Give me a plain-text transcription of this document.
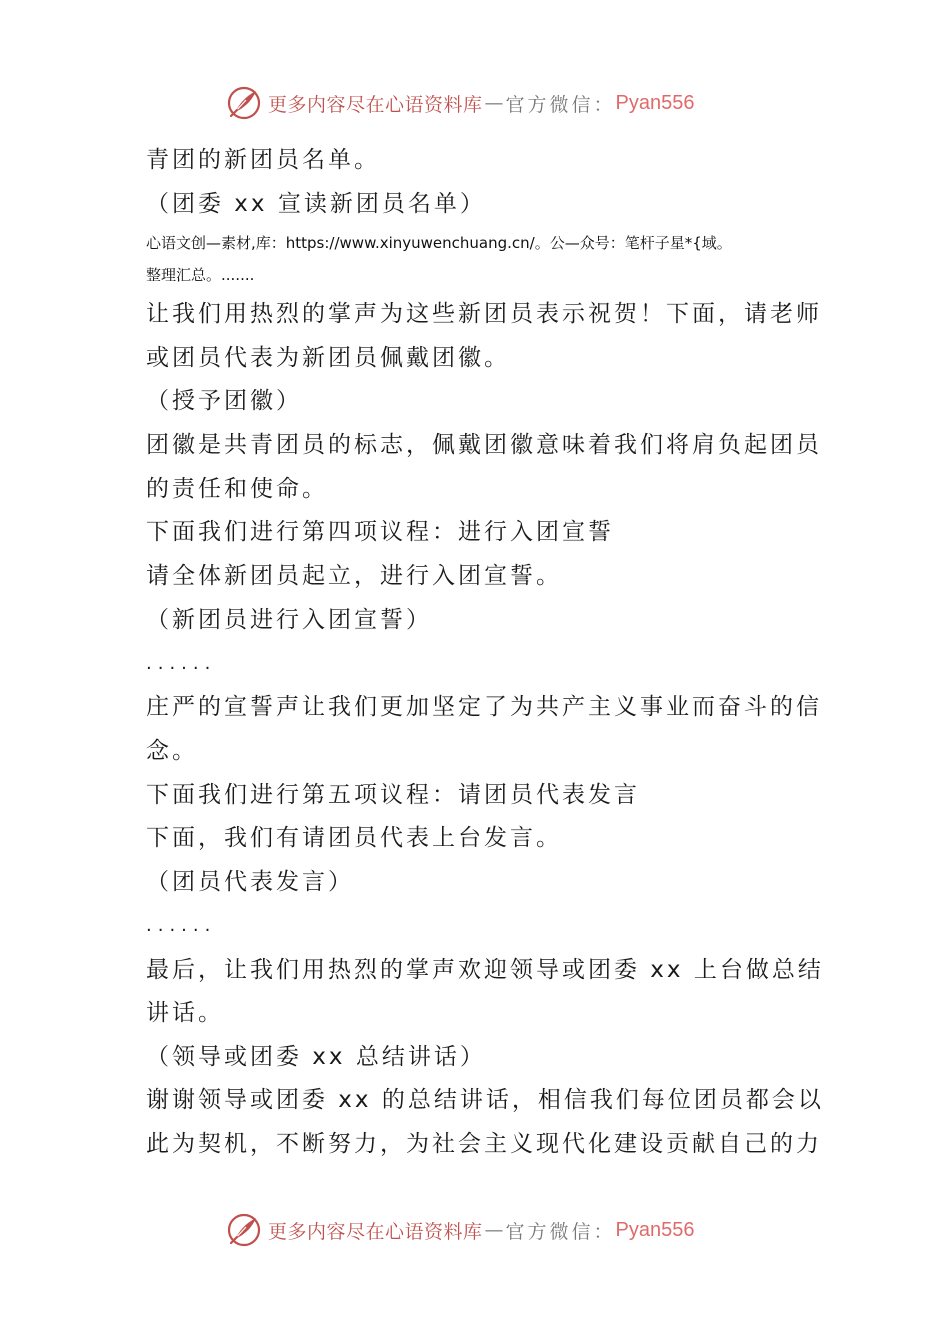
更多内容尽在心语资料库 — 官方微信： Pyan556
青团的新团员名单。
（团委 xx 宣读新团员名单）
心语文创—素材,库：https://www.xinyuwenchuang.cn/。公—众号：笔杆子星*{域。
整理汇总。.......
让我们用热烈的掌声为这些新团员表示祝贺！下面，请老师
或团员代表为新团员佩戴团徽。
（授予团徽）
团徽是共青团员的标志，佩戴团徽意味着我们将肩负起团员
的责任和使命。
下面我们进行第四项议程：进行入团宣誓
请全体新团员起立，进行入团宣誓。
（新团员进行入团宣誓）
......
庄严的宣誓声让我们更加坚定了为共产主义事业而奋斗的信
念。
下面我们进行第五项议程：请团员代表发言
下面，我们有请团员代表上台发言。
（团员代表发言）
......
最后，让我们用热烈的掌声欢迎领导或团委 xx 上台做总结
讲话。
（领导或团委 xx 总结讲话）
谢谢领导或团委 xx 的总结讲话，相信我们每位团员都会以
此为契机，不断努力，为社会主义现代化建设贡献自己的力
更多内容尽在心语资料库 — 官方微信： Pyan556
